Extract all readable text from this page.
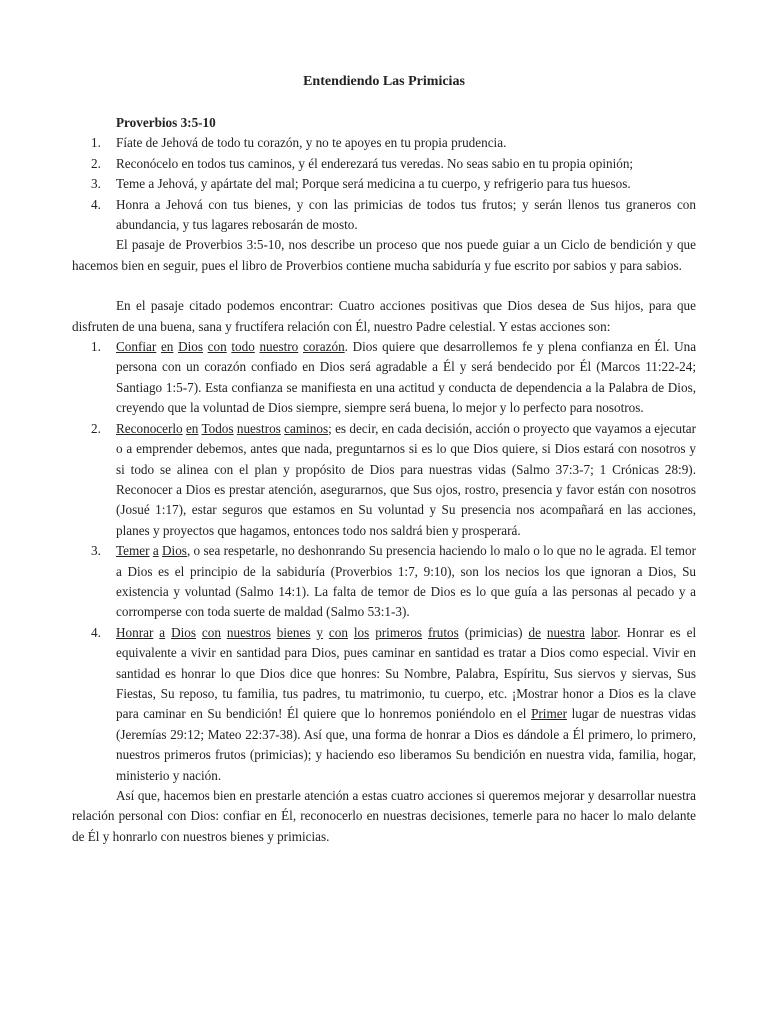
Entendiendo Las Primicias
Proverbios 3:5-10
1. Fíate de Jehová de todo tu corazón, y no te apoyes en tu propia prudencia.
2. Reconócelo en todos tus caminos, y él enderezará tus veredas. No seas sabio en tu propia opinión;
3. Teme a Jehová, y apártate del mal; Porque será medicina a tu cuerpo, y refrigerio para tus huesos.
4. Honra a Jehová con tus bienes, y con las primicias de todos tus frutos; y serán llenos tus graneros con abundancia, y tus lagares rebosarán de mosto.

El pasaje de Proverbios 3:5-10, nos describe un proceso que nos puede guiar a un Ciclo de bendición y que hacemos bien en seguir, pues el libro de Proverbios contiene mucha sabiduría y fue escrito por sabios y para sabios.

En el pasaje citado podemos encontrar: Cuatro acciones positivas que Dios desea de Sus hijos, para que disfruten de una buena, sana y fructífera relación con Él, nuestro Padre celestial. Y estas acciones son:

1. Confiar en Dios con todo nuestro corazón. Dios quiere que desarrollemos fe y plena confianza en Él. Una persona con un corazón confiado en Dios será agradable a Él y será bendecido por Él (Marcos 11:22-24; Santiago 1:5-7). Esta confianza se manifiesta en una actitud y conducta de dependencia a la Palabra de Dios, creyendo que la voluntad de Dios siempre, siempre será buena, lo mejor y lo perfecto para nosotros.
2. Reconocerlo en Todos nuestros caminos; es decir, en cada decisión, acción o proyecto que vayamos a ejecutar o a emprender debemos, antes que nada, preguntarnos si es lo que Dios quiere, si Dios estará con nosotros y si todo se alinea con el plan y propósito de Dios para nuestras vidas (Salmo 37:3-7; 1 Crónicas 28:9). Reconocer a Dios es prestar atención, asegurarnos, que Sus ojos, rostro, presencia y favor están con nosotros (Josué 1:17), estar seguros que estamos en Su voluntad y Su presencia nos acompañará en las acciones, planes y proyectos que hagamos, entonces todo nos saldrá bien y prosperará.
3. Temer a Dios, o sea respetarle, no deshonrando Su presencia haciendo lo malo o lo que no le agrada. El temor a Dios es el principio de la sabiduría (Proverbios 1:7, 9:10), son los necios los que ignoran a Dios, Su existencia y voluntad (Salmo 14:1). La falta de temor de Dios es lo que guía a las personas al pecado y a corromperse con toda suerte de maldad (Salmo 53:1-3).
4. Honrar a Dios con nuestros bienes y con los primeros frutos (primicias) de nuestra labor. Honrar es el equivalente a vivir en santidad para Dios, pues caminar en santidad es tratar a Dios como especial. Vivir en santidad es honrar lo que Dios dice que honres: Su Nombre, Palabra, Espíritu, Sus siervos y siervas, Sus Fiestas, Su reposo, tu familia, tus padres, tu matrimonio, tu cuerpo, etc. ¡Mostrar honor a Dios es la clave para caminar en Su bendición! Él quiere que lo honremos poniéndolo en el Primer lugar de nuestras vidas (Jeremías 29:12; Mateo 22:37-38). Así que, una forma de honrar a Dios es dándole a Él primero, lo primero, nuestros primeros frutos (primicias); y haciendo eso liberamos Su bendición en nuestra vida, familia, hogar, ministerio y nación.

Así que, hacemos bien en prestarle atención a estas cuatro acciones si queremos mejorar y desarrollar nuestra relación personal con Dios: confiar en Él, reconocerlo en nuestras decisiones, temerle para no hacer lo malo delante de Él y honrarlo con nuestros bienes y primicias.
